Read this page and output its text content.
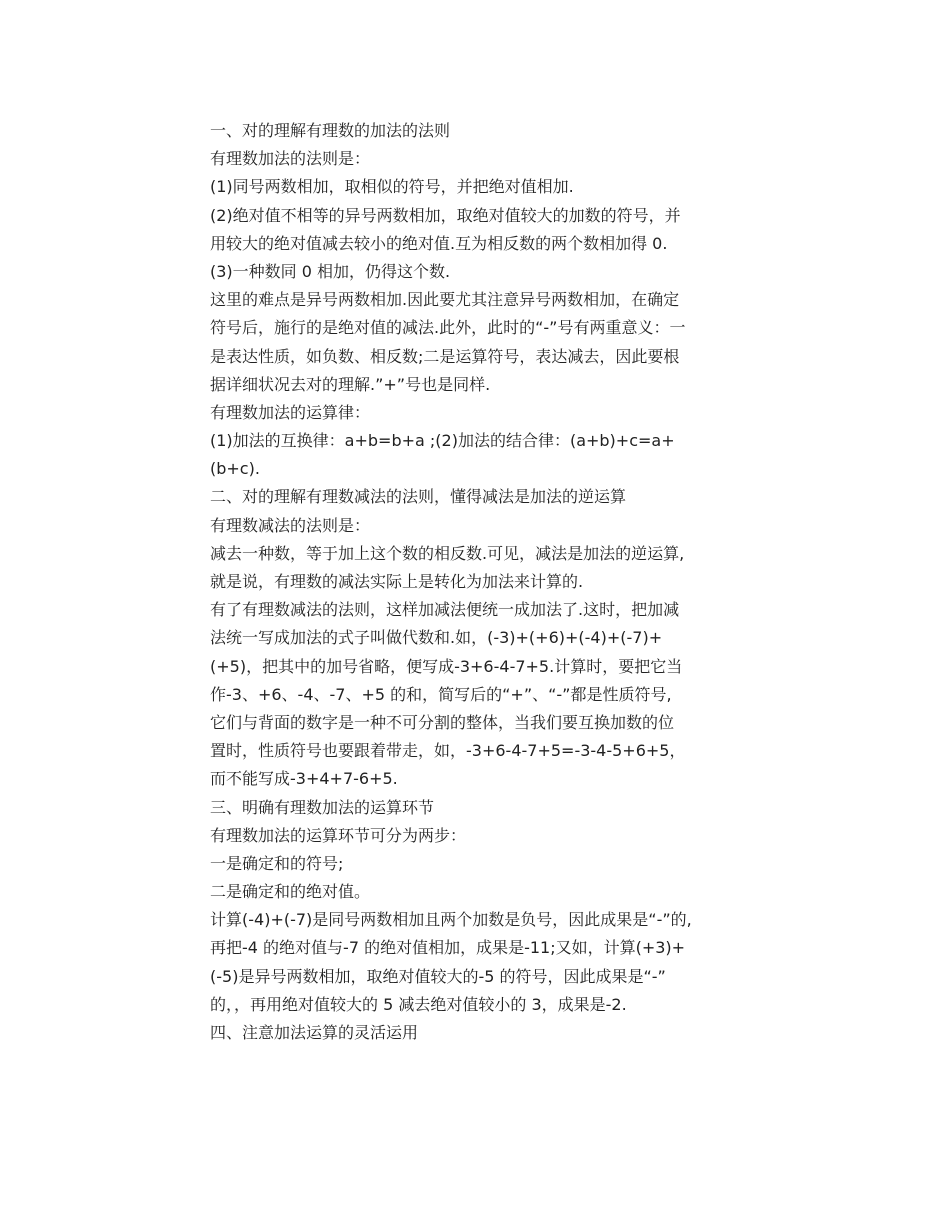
一、对的理解有理数的加法的法则
有理数加法的法则是：
(1)同号两数相加，取相似的符号，并把绝对值相加.
(2)绝对值不相等的异号两数相加，取绝对值较大的加数的符号，并
用较大的绝对值减去较小的绝对值.互为相反数的两个数相加得 0.
(3)一种数同 0 相加，仍得这个数.
这里的难点是异号两数相加.因此要尤其注意异号两数相加，在确定
符号后，施行的是绝对值的减法.此外，此时的“-”号有两重意义：一
是表达性质，如负数、相反数;二是运算符号，表达减去，因此要根
据详细状况去对的理解.”+”号也是同样.
有理数加法的运算律：
(1)加法的互换律：a+b=b+a ;(2)加法的结合律：(a+b)+c=a+
(b+c).
二、对的理解有理数减法的法则，懂得减法是加法的逆运算
有理数减法的法则是：
减去一种数，等于加上这个数的相反数.可见，减法是加法的逆运算,
就是说，有理数的减法实际上是转化为加法来计算的.
有了有理数减法的法则，这样加减法便统一成加法了.这时，把加减
法统一写成加法的式子叫做代数和.如，(-3)+(+6)+(-4)+(-7)+
(+5)，把其中的加号省略，便写成-3+6-4-7+5.计算时，要把它当
作-3、+6、-4、-7、+5 的和，简写后的“+”、“-”都是性质符号,
它们与背面的数字是一种不可分割的整体，当我们要互换加数的位
置时，性质符号也要跟着带走，如，-3+6-4-7+5=-3-4-5+6+5，
而不能写成-3+4+7-6+5.
三、明确有理数加法的运算环节
有理数加法的运算环节可分为两步：
一是确定和的符号;
二是确定和的绝对值。
计算(-4)+(-7)是同号两数相加且两个加数是负号，因此成果是“-”的,
再把-4 的绝对值与-7 的绝对值相加，成果是-11;又如，计算(+3)+
(-5)是异号两数相加，取绝对值较大的-5 的符号，因此成果是“-”
的，，再用绝对值较大的 5 减去绝对值较小的 3，成果是-2.
四、注意加法运算的灵活运用
